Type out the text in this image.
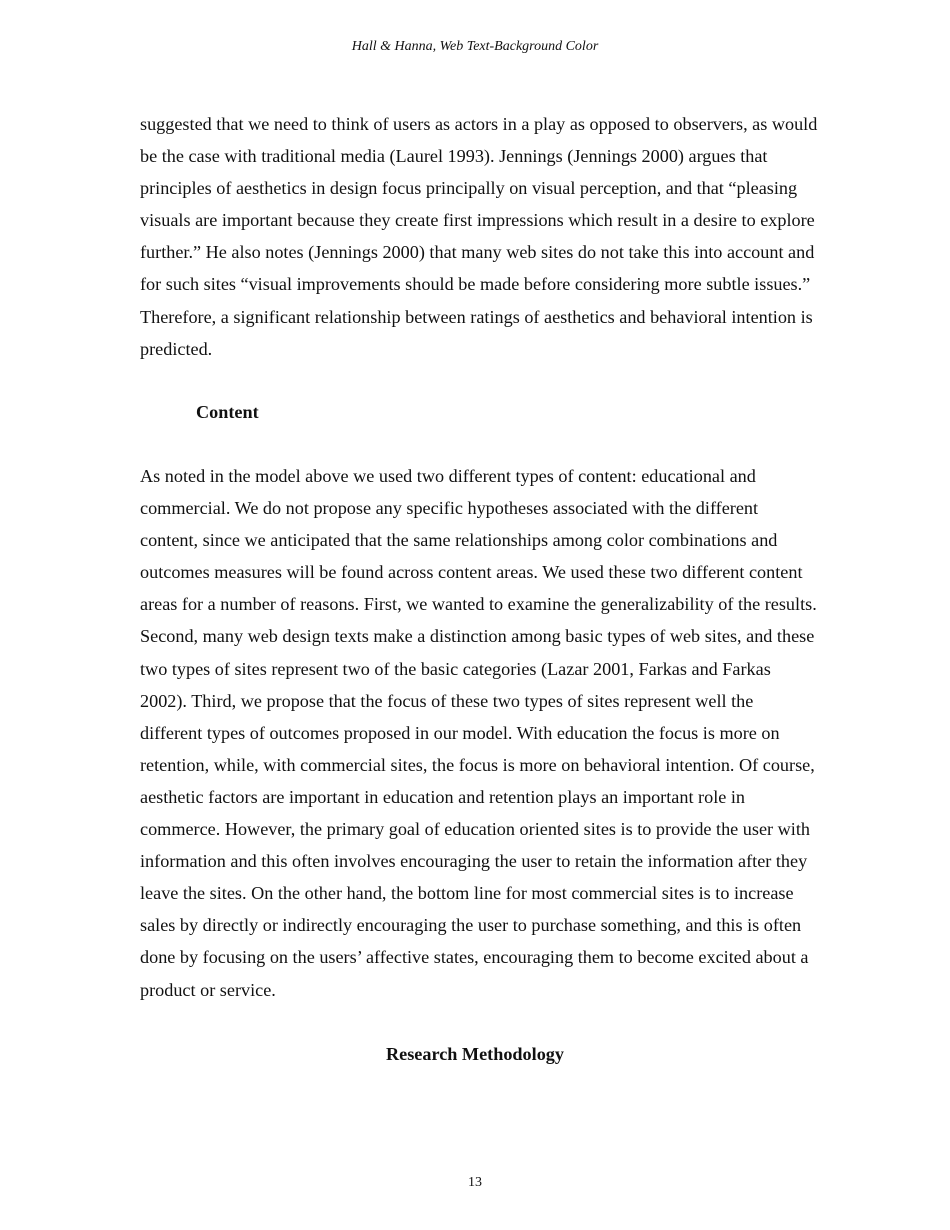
Hall & Hanna, Web Text-Background Color

suggested that we need to think of users as actors in a play as opposed to observers, as would be the case with traditional media (Laurel 1993). Jennings (Jennings 2000) argues that principles of aesthetics in design focus principally on visual perception, and that “pleasing visuals are important because they create first impressions which result in a desire to explore further.” He also notes (Jennings 2000) that many web sites do not take this into account and for such sites “visual improvements should be made before considering more subtle issues.” Therefore, a significant relationship between ratings of aesthetics and behavioral intention is predicted.

Content

As noted in the model above we used two different types of content: educational and commercial. We do not propose any specific hypotheses associated with the different content, since we anticipated that the same relationships among color combinations and outcomes measures will be found across content areas. We used these two different content areas for a number of reasons. First, we wanted to examine the generalizability of the results. Second, many web design texts make a distinction among basic types of web sites, and these two types of sites represent two of the basic categories (Lazar 2001, Farkas and Farkas 2002). Third, we propose that the focus of these two types of sites represent well the different types of outcomes proposed in our model. With education the focus is more on retention, while, with commercial sites, the focus is more on behavioral intention. Of course, aesthetic factors are important in education and retention plays an important role in commerce. However, the primary goal of education oriented sites is to provide the user with information and this often involves encouraging the user to retain the information after they leave the sites. On the other hand, the bottom line for most commercial sites is to increase sales by directly or indirectly encouraging the user to purchase something, and this is often done by focusing on the users’ affective states, encouraging them to become excited about a product or service.

Research Methodology
13
